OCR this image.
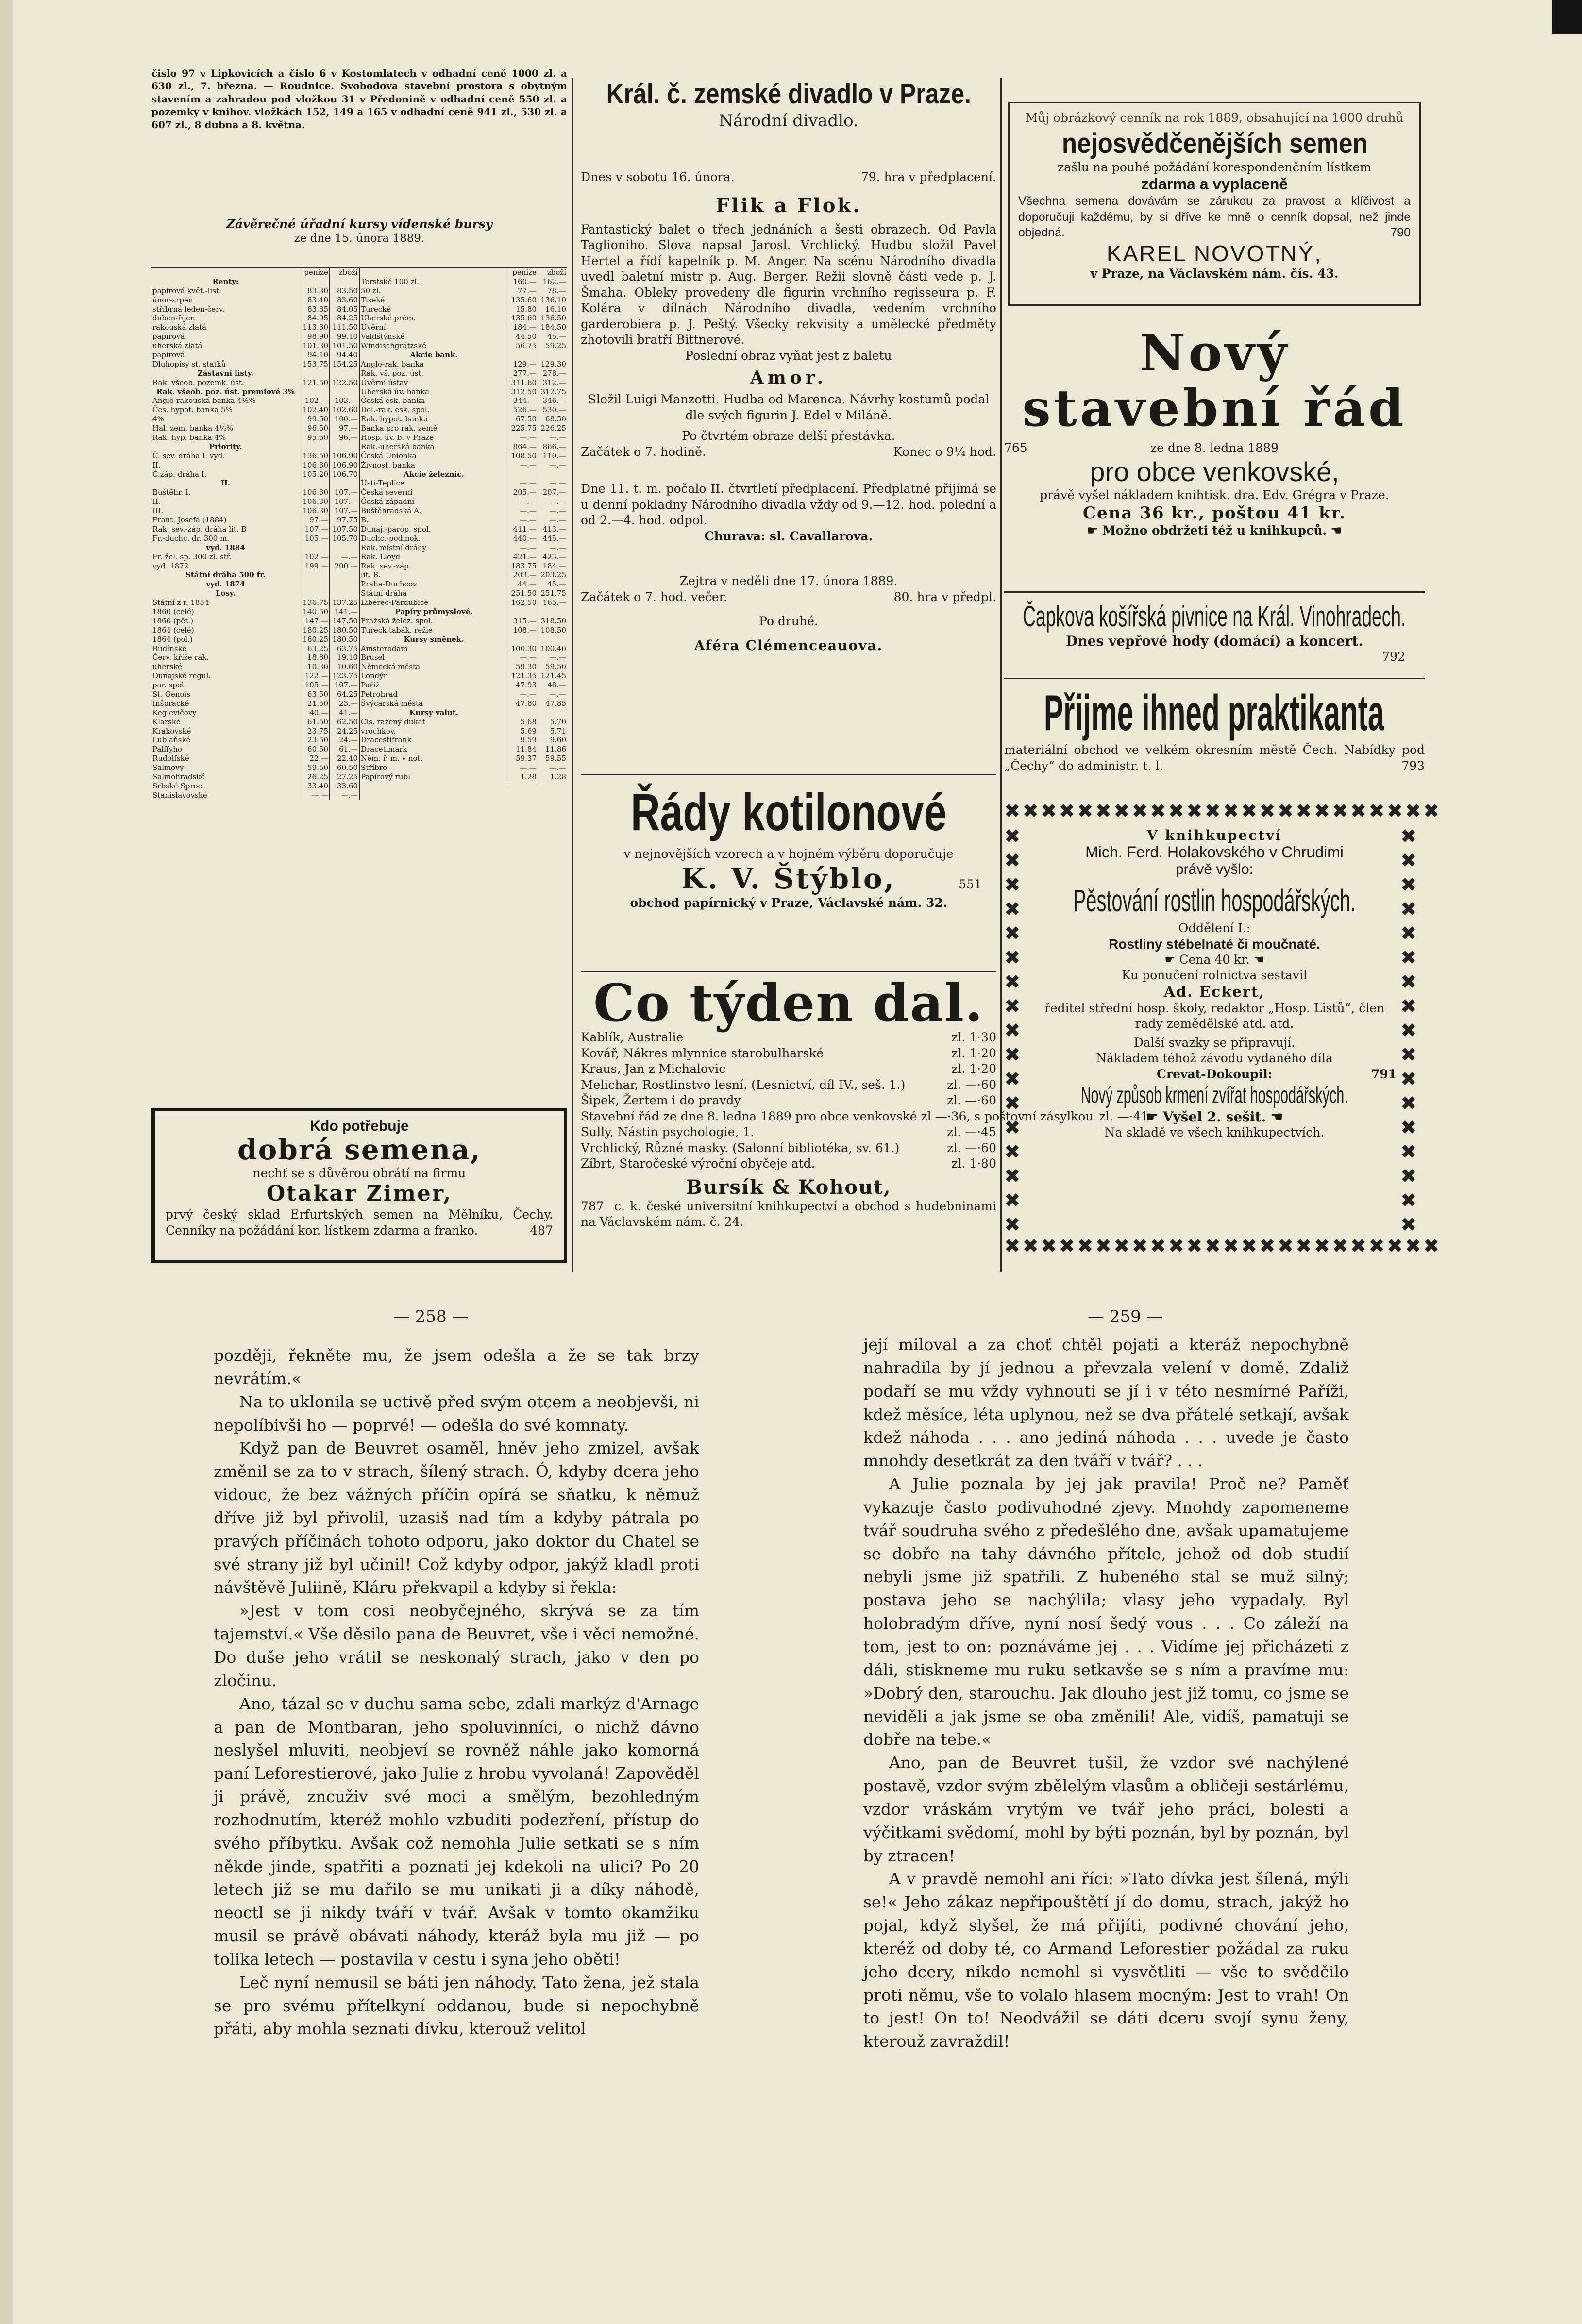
čislo 97 v Lipkovicích a čislo 6 v Kostomlatech v odhadní ceně 1000 zl. a 630 zl., 7. března. — Roudnice. Svobodova stavební prostora s obytným stavením a zahradou pod vložkou 31 v Předonině v odhadní ceně 550 zl. a pozemky v knihov. vložkách 152, 149 a 165 v odhadní ceně 941 zl., 530 zl. a 607 zl., 8 dubna a 8. května.
Závěrečné úřadní kursy vídenské bursy
ze dne 15. února 1889.
	peníze	zboží
Renty:		
papírová květ.-list.	83.30	83.50
únor-srpen	83.40	83.60
stříbrná leden-červ.	83.85	84.05
duben-říjen	84.05	84.25
rakouská zlatá	113.30	111.50
papírová	98.90	99.10
uherská zlatá	101.30	101.50
papírová	94.10	94.40
Dluhopisy st. statků	153.75	154.25
Zástavní listy.		
Rak. všeob. pozemk. úst.	121.50	122.50
Rak. všeob. poz. úst. premiové 3%		
Anglo-rakouská banka 4½%	102.—	103.—
Čes. hypot. banka 5%	102.40	102.60
4%	99.60	100.—
Hal. zem. banka 4½%	96.50	97.—
Rak. hyp. banka 4%	95.50	96.—
Priority.		
Č. sev. dráha I. vyd.	136.50	106.90
II.	106.30	106.90
Č.záp. dráha I.	105.20	106.70
II.		
Buštěhr. I.	106.30	107.—
II.	106.30	107.—
III.	106.30	107.—
Frant. Josefa (1884)	97.—	97.75
Rak. sev.-záp. dráha lit. B	107.—	107.50
Fr.-duchc. dr. 300 m.	105.—	105.70
vyd. 1884		
Fr. žel. sp. 300 zl. stř.	102.—	—.—
vyd. 1872	199.—	200.—
Státní dráha 500 fr.		
vyd. 1874		
Losy.		
Státní z r. 1854	136.75	137.25
1860 (celé)	140.50	141.—
1860 (pět.)	147.—	147.50
1864 (celé)	180.25	180.50
1864 (pol.)	180.25	180.50
Budínské	63.25	63.75
Červ. kříže rak.	18.80	19.10
uherské	10.30	10.60
Dunajské regul.	122.—	123.75
par. spol.	105.—	107.—
St. Genois	63.50	64.25
Inšpracké	21.50	23.—
Keglevičovy	40.—	41.—
Klarské	61.50	62.50
Krakovské	23.75	24.25
Lublaňské	23.50	24.—
Palffyho	60.50	61.—
Rudolfské	22.—	22.40
Salmovy	59.50	60.50
Salmohradské	26.25	27.25
Srbské Sproc.	33.40	33.60
Stanislavovské	—.—	—.—
	peníze	zboží
Terstské 100 zl.	160.—	162.—
50 zl.	77.—	78.—
Tiseké	135.60	136.10
Turecké	15.80	16.10
Uherské prém.	135.60	136.50
Úvěrní	184.—	184.50
Valdštýnské	44.50	45.—
Windischgrätzské	56.75	59.25
Akcie bank.		
Anglo-rak. banka	129.—	129.30
Rak. vš. poz. úst.	277.—	278.—
Úvěrní ústav	311.60	312.—
Uherská úv. banka	312.50	312.75
Česká esk. banka	344.—	346.—
Dol.-rak. esk. spol.	526.—	530.—
Rak. hypot. banka	67.50	68.50
Banka pro rak. země	225.75	226.25
Hosp. úv. b. v Praze	—.—	—.—
Rak.-uherská banka	864.—	866.—
Česká Unionka	108.50	110.—
Živnost. banka	—.—	—.—
Akcie železnic.		
Ústi-Teplice	—.—	—.—
Česká severní	205.—	207.—
Česká západní	—.—	—.—
Buštěhradská A.	—.—	—.—
B.	—.—	—.—
Dunaj.-parop. spol.	411.—	413.—
Duchc.-podmok.	440.—	445.—
Rak. místní dráhy	—.—	—.—
Rak. Lloyd	421.—	423.—
Rak. sev.-záp.	183.75	184.—
lit. B.	203.—	203.25
Praha-Duchcov	44.—	45.—
Státní dráha	251.50	251.75
Liberec-Pardubice	162.50	165.—
Papíry průmyslové.		
Pražská želez. spol.	315.—	318.50
Tureck tabák. režie	108.—	108.50
Kursy směnek.		
Amsterodam	100.30	100.40
Brusel	—.—	—.—
Německá města	59.30	59.50
Londýn	121.35	121.45
Paříž	47.93	48.—
Petrohrad	—.—	—.—
Švýcarská města	47.80	47.85
Kursy valut.		
Cís. ražený dukát	5.68	5.70
vrochkov.	5.69	5.71
Dracestifrank	9.59	9.60
Dracetimark	11.84	11.86
Něm. ř. m. v not.	59.37	59.55
Stříbro	—.—	—.—
Papírový rubl	1.28	1.28
Kdo potřebuje
dobrá semena,
nechť se s důvěrou obrátí na firmu
Otakar Zimer,
prvý český sklad Erfurtských semen na Mělníku, Čechy. Cenníky na požádání kor. lístkem zdarma a franko.	487
Král. č. zemské divadlo v Praze.
Národní divadlo.
Dnes v sobotu 16. února.	79. hra v předplacení.
Flik a Flok.
Fantastický balet o třech jednáních a šesti obrazech. Od Pavla Taglioniho. Slova napsal Jarosl. Vrchlický. Hudbu složil Pavel Hertel a řídí kapelník p. M. Anger. Na scénu Národního divadla uvedl baletní mistr p. Aug. Berger. Režii slovně části vede p. J. Šmaha. Obleky provedeny dle figurin vrchního regisseura p. F. Kolára v dílnách Národního divadla, vedením vrchního garderobiera p. J. Peštý. Všecky rekvisity a umělecké předměty zhotovili bratří Bittnerové.
Poslední obraz vyňat jest z baletu
Amor.
Složil Luigi Manzotti. Hudba od Marenca. Návrhy kostumů podal dle svých figurin J. Edel v Miláně.
Po čtvrtém obraze delší přestávka.
Začátek o 7. hodině.	Konec o 9¼ hod.
Dne 11. t. m. počalo II. čtvrtletí předplacení. Předplatné přijímá se u denní pokladny Národního divadla vždy od 9.—12. hod. polední a od 2.—4. hod. odpol.
Churava: sl. Cavallarova.
Zejtra v neděli dne 17. února 1889.
Začátek o 7. hod. večer.	80. hra v předpl.
Po druhé.
Aféra Clémenceauova.
Řády kotilonové
v nejnovějších vzorech a v hojném výběru doporučuje
K. V. Štýblo,	551
obchod papírnický v Praze, Václavské nám. 32.
Co týden dal.
Kablík, Australie	zl. 1·30
Kovář, Nákres mlynnice starobulharské	zl. 1·20
Kraus, Jan z Michalovic	zl. 1·20
Melichar, Rostlinstvo lesní. (Lesnictví, díl IV., seš. 1.)	zl. —·60
Šipek, Žertem i do pravdy	zl. —·60
Stavební řád ze dne 8. ledna 1889 pro obce venkovské zl —·36, s poštovní zásylkou zl. —·41
Sully, Nástin psychologie, 1.	zl. —·45
Vrchlický, Různé masky. (Salonní bibliotéka, sv. 61.)	zl. —·60
Zíbrt, Staročeské výroční obyčeje atd.	zl. 1·80
Bursík & Kohout,
787 c. k. české universitní knihkupectví a obchod s hudebninami na Václavském nám. č. 24.
Můj obrázkový cenník na rok 1889, obsahující na 1000 druhů
nejosvědčenějších semen
zašlu na pouhé požádání korespondenčním lístkem
zdarma a vyplaceně
Všechna semena dovávám se zárukou za pravost a klíčivost a doporučuji každému, by si dříve ke mně o cenník dopsal, než jinde objedná.	790
KAREL NOVOTNÝ,
v Praze, na Václavském nám. čís. 43.
Nový stavební řád
765	ze dne 8. ledna 1889
pro obce venkovské,
právě vyšel nákladem knihtisk. dra. Edv. Grégra v Praze.
Cena 36 kr., poštou 41 kr.
☛ Možno obdržeti též u knihkupců. ☚
Čapkova košířská pivnice na Král. Vinohradech.
Dnes vepřové hody (domácí) a koncert.
792
Přijme ihned praktikanta
materiální obchod ve velkém okresním městě Čech. Nabídky pod „Čechy“ do administr. t. l.	793
✖✖✖✖✖✖✖✖✖✖✖✖✖✖✖✖✖✖✖✖✖✖✖✖
✖✖✖✖✖✖✖✖✖✖✖✖✖✖✖✖✖✖✖✖✖✖✖✖
✖ ✖ ✖ ✖ ✖ ✖ ✖ ✖ ✖ ✖ ✖ ✖ ✖ ✖ ✖ ✖ ✖
✖ ✖ ✖ ✖ ✖ ✖ ✖ ✖ ✖ ✖ ✖ ✖ ✖ ✖ ✖ ✖ ✖
V knihkupectví
Mich. Ferd. Holakovského v Chrudimi
právě vyšlo:
Pěstování rostlin hospodářských.
Oddělení I.:
Rostliny stébelnaté či moučnaté.
☛ Cena 40 kr. ☚
Ku ponučení rolnictva sestavil
Ad. Eckert,
ředitel střední hosp. školy, redaktor „Hosp. Listů“, člen rady zemědělské atd. atd.
Další svazky se připravují.
Nákladem téhož závodu vydaného díla
Crevat-Dokoupil:	791
Nový způsob krmení zvířat hospodářských.
☛ Vyšel 2. sešit. ☚
Na skladě ve všech knihkupectvích.
— 258 —	— 259 —
později, řekněte mu, že jsem odešla a že se tak brzy nevrátím.«
Na to uklonila se uctivě před svým otcem a neobjevši, ni nepolíbivši ho — poprvé! — odešla do své komnaty.
Když pan de Beuvret osaměl, hněv jeho zmizel, avšak změnil se za to v strach, šílený strach. Ó, kdyby dcera jeho vidouc, že bez vážných příčin opírá se sňatku, k němuž dříve již byl přivolil, uzasiš nad tím a kdyby pátrala po pravých příčinách tohoto odporu, jako doktor du Chatel se své strany již byl učinil! Což kdyby odpor, jakýž kladl proti návštěvě Juliině, Kláru překvapil a kdyby si řekla:
»Jest v tom cosi neobyčejného, skrývá se za tím tajemství.« Vše děsilo pana de Beuvret, vše i věci nemožné. Do duše jeho vrátil se neskonalý strach, jako v den po zločinu.
Ano, tázal se v duchu sama sebe, zdali markýz d'Arnage a pan de Montbaran, jeho spoluvinníci, o nichž dávno neslyšel mluviti, neobjeví se rovněž náhle jako komorná paní Leforestierové, jako Julie z hrobu vyvolaná! Zapověděl ji právě, zncuživ své moci a smělým, bezohledným rozhodnutím, kteréž mohlo vzbuditi podezření, přístup do svého příbytku. Avšak což nemohla Julie setkati se s ním někde jinde, spatřiti a poznati jej kdekoli na ulici? Po 20 letech již se mu dařilo se mu unikati ji a díky náhodě, neoctl se ji nikdy tváří v tvář. Avšak v tomto okamžiku musil se právě obávati náhody, kteráž byla mu již — po tolika letech — postavila v cestu i syna jeho oběti!
Leč nyní nemusil se báti jen náhody. Tato žena, jež stala se pro svému přítelkyní oddanou, bude si nepochybně přáti, aby mohla seznati dívku, kterouž velitol
její miloval a za choť chtěl pojati a kteráž nepochybně nahradila by jí jednou a převzala velení v domě. Zdaliž podaří se mu vždy vyhnouti se jí i v této nesmírné Paříži, kdež měsíce, léta uplynou, než se dva přátelé setkají, avšak kdež náhoda . . . ano jediná náhoda . . . uvede je často mnohdy desetkrát za den tváří v tvář? . . .
A Julie poznala by jej jak pravila! Proč ne? Paměť vykazuje často podivuhodné zjevy. Mnohdy zapomeneme tvář soudruha svého z předešlého dne, avšak upamatujeme se dobře na tahy dávného přítele, jehož od dob studií nebyli jsme již spatřili. Z hubeného stal se muž silný; postava jeho se nachýlila; vlasy jeho vypadaly. Byl holobradým dříve, nyní nosí šedý vous . . . Co záleží na tom, jest to on: poznáváme jej . . . Vidíme jej přicházeti z dáli, stiskneme mu ruku setkavše se s ním a pravíme mu: »Dobrý den, starouchu. Jak dlouho jest již tomu, co jsme se neviděli a jak jsme se oba změnili! Ale, vidíš, pamatuji se dobře na tebe.«
Ano, pan de Beuvret tušil, že vzdor své nachýlené postavě, vzdor svým zbělelým vlasům a obličeji sestárlému, vzdor vráskám vrytým ve tvář jeho práci, bolesti a výčitkami svědomí, mohl by býti poznán, byl by poznán, byl by ztracen!
A v pravdě nemohl ani říci: »Tato dívka jest šílená, mýli se!« Jeho zákaz nepřipouštětí jí do domu, strach, jakýž ho pojal, když slyšel, že má přijíti, podivné chování jeho, kteréž od doby té, co Armand Leforestier požádal za ruku jeho dcery, nikdo nemohl si vysvětliti — vše to svědčilo proti němu, vše to volalo hlasem mocným: Jest to vrah! On to jest! On to! Neodvážil se dáti dceru svojí synu ženy, kterouž zavraždil!
